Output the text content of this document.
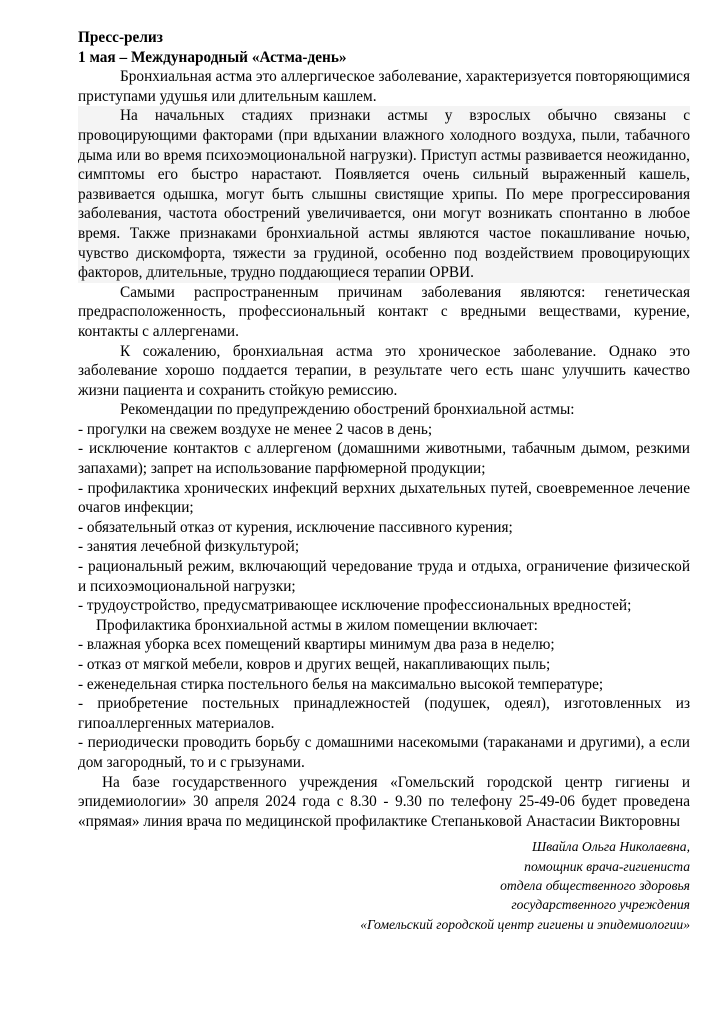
Пресс-релиз

1 мая – Международный «Астма-день»

Бронхиальная астма это аллергическое заболевание, характеризуется повторяющимися приступами удушья или длительным кашлем.

На начальных стадиях признаки астмы у взрослых обычно связаны с провоцирующими факторами (при вдыхании влажного холодного воздуха, пыли, табачного дыма или во время психоэмоциональной нагрузки). Приступ астмы развивается неожиданно, симптомы его быстро нарастают. Появляется очень сильный выраженный кашель, развивается одышка, могут быть слышны свистящие хрипы. По мере прогрессирования заболевания, частота обострений увеличивается, они могут возникать спонтанно в любое время. Также признаками бронхиальной астмы являются частое покашливание ночью, чувство дискомфорта, тяжести за грудиной, особенно под воздействием провоцирующих факторов, длительные, трудно поддающиеся терапии ОРВИ.

Самыми распространенным причинам заболевания являются: генетическая предрасположенность, профессиональный контакт с вредными веществами, курение, контакты с аллергенами.

К сожалению, бронхиальная астма это хроническое заболевание. Однако это заболевание хорошо поддается терапии, в результате чего есть шанс улучшить качество жизни пациента и сохранить стойкую ремиссию.

Рекомендации по предупреждению обострений бронхиальной астмы:

- прогулки на свежем воздухе не менее 2 часов в день;

- исключение контактов с аллергеном (домашними животными, табачным дымом, резкими запахами); запрет на использование парфюмерной продукции;

- профилактика хронических инфекций верхних дыхательных путей, своевременное лечение очагов инфекции;

- обязательный отказ от курения, исключение пассивного курения;

- занятия лечебной физкультурой;

- рациональный режим, включающий чередование труда и отдыха, ограничение физической и психоэмоциональной нагрузки;

- трудоустройство, предусматривающее исключение профессиональных вредностей;

Профилактика бронхиальной астмы в жилом помещении включает:

- влажная уборка всех помещений квартиры минимум два раза в неделю;

- отказ от мягкой мебели, ковров и других вещей, накапливающих пыль;

- еженедельная стирка постельного белья на максимально высокой температуре;

- приобретение постельных принадлежностей (подушек, одеял), изготовленных из гипоаллергенных материалов.

- периодически проводить борьбу с домашними насекомыми (тараканами и другими), а если дом загородный, то и с грызунами.

На базе государственного учреждения «Гомельский городской центр гигиены и эпидемиологии» 30 апреля 2024 года с 8.30 - 9.30 по телефону 25-49-06 будет проведена «прямая» линия врача по медицинской профилактике Степаньковой Анастасии Викторовны

Швайла Ольга Николаевна,
помощник врача-гигиениста
отдела общественного здоровья
государственного учреждения
«Гомельский городской центр гигиены и эпидемиологии»
